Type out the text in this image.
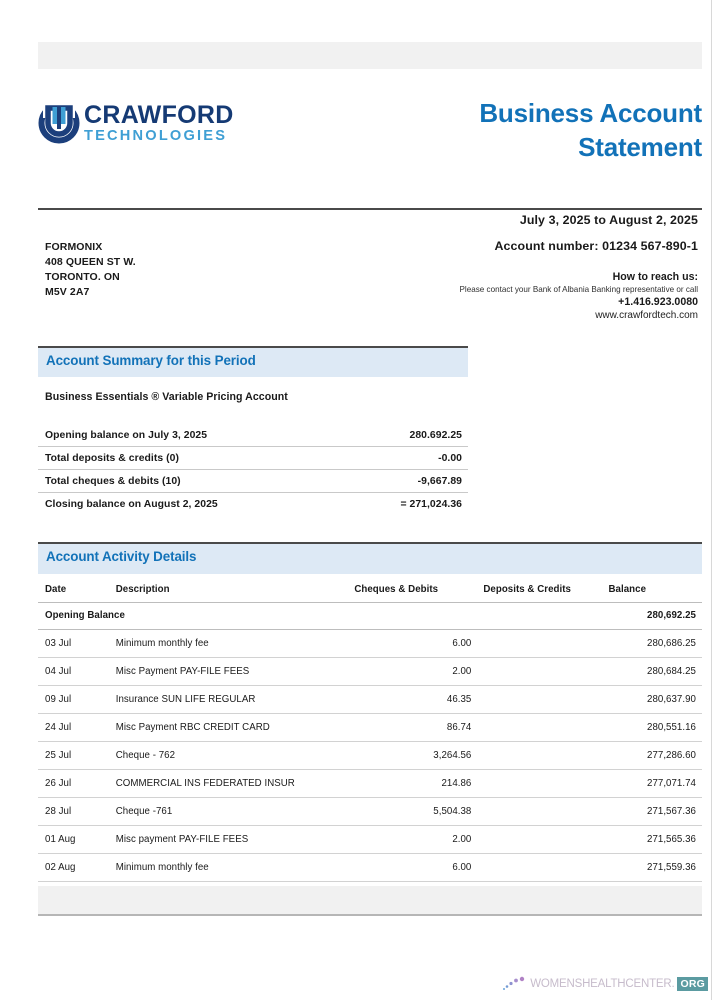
CRAWFORD
TECHNOLOGIES
Business Account
Statement
FORMONIX
408 QUEEN ST W.
TORONTO. ON
M5V 2A7
July 3, 2025 to August 2, 2025
Account number: 01234 567-890-1
How to reach us:
Please contact your Bank of Albania Banking representative or call
+1.416.923.0080
www.crawfordtech.com
Account Summary for this Period
Business Essentials ® Variable Pricing Account
Opening balance on July 3, 2025	280.692.25
Total deposits & credits (0)	-0.00
Total cheques & debits (10)	-9,667.89
Closing balance on August 2, 2025	= 271,024.36
Account Activity Details
Date	Description	Cheques & Debits	Deposits & Credits	Balance
Opening Balance				280,692.25
03 Jul	Minimum monthly fee	6.00		280,686.25
04 Jul	Misc Payment PAY-FILE FEES	2.00		280,684.25
09 Jul	Insurance SUN LIFE REGULAR	46.35		280,637.90
24 Jul	Misc Payment RBC CREDIT CARD	86.74		280,551.16
25 Jul	Cheque - 762	3,264.56		277,286.60
26 Jul	COMMERCIAL INS FEDERATED INSUR	214.86		277,071.74
28 Jul	Cheque -761	5,504.38		271,567.36
01 Aug	Misc payment PAY-FILE FEES	2.00		271,565.36
02 Aug	Minimum monthly fee	6.00		271,559.36
WOMENSHEALTHCENTER. ORG
